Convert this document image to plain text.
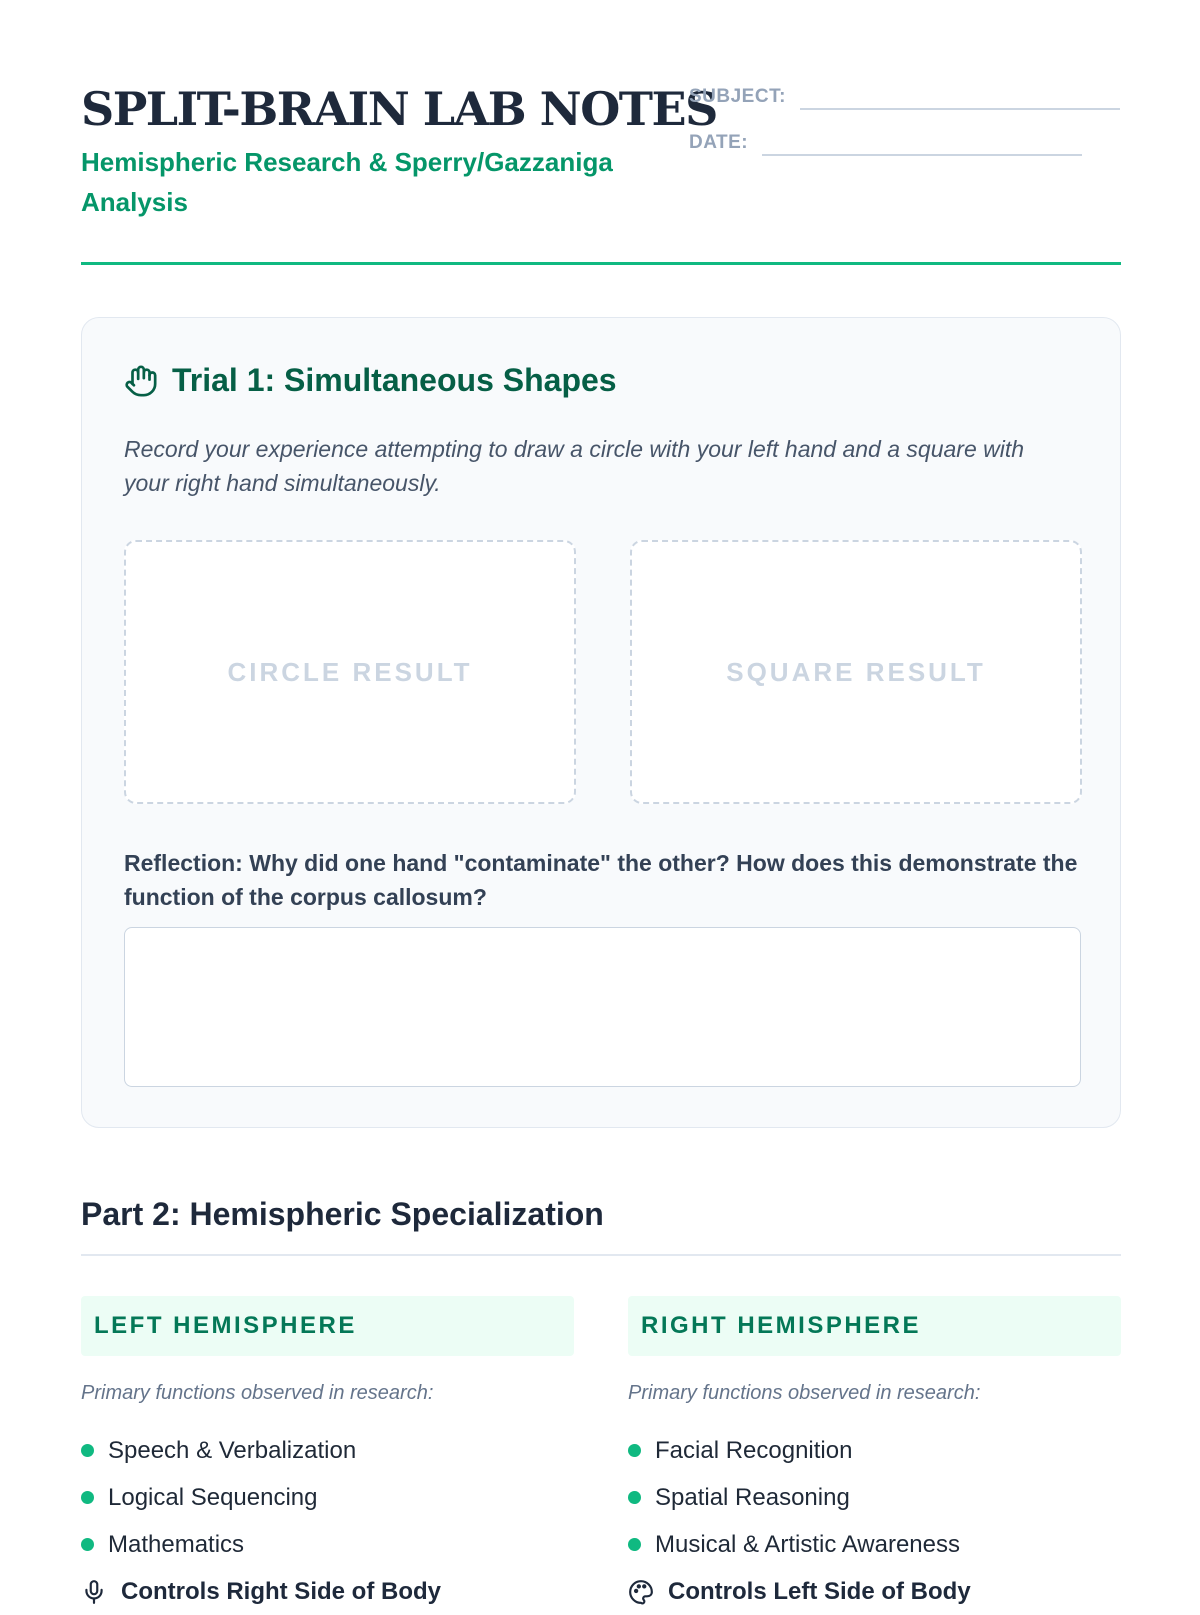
SPLIT-BRAIN LAB NOTES

Hemispheric Research & Sperry/Gazzaniga Analysis

SUBJECT:
DATE:
Trial 1: Simultaneous Shapes

Record your experience attempting to draw a circle with your left hand and a square with your right hand simultaneously.

CIRCLE RESULT	SQUARE RESULT

Reflection: Why did one hand "contaminate" the other? How does this demonstrate the function of the corpus callosum?

Part 2: Hemispheric Specialization
LEFT HEMISPHERE

Primary functions observed in research:

Speech & Verbalization
Logical Sequencing
Mathematics
Controls Right Side of Body
RIGHT HEMISPHERE

Primary functions observed in research:

Facial Recognition
Spatial Reasoning
Musical & Artistic Awareness
Controls Left Side of Body
